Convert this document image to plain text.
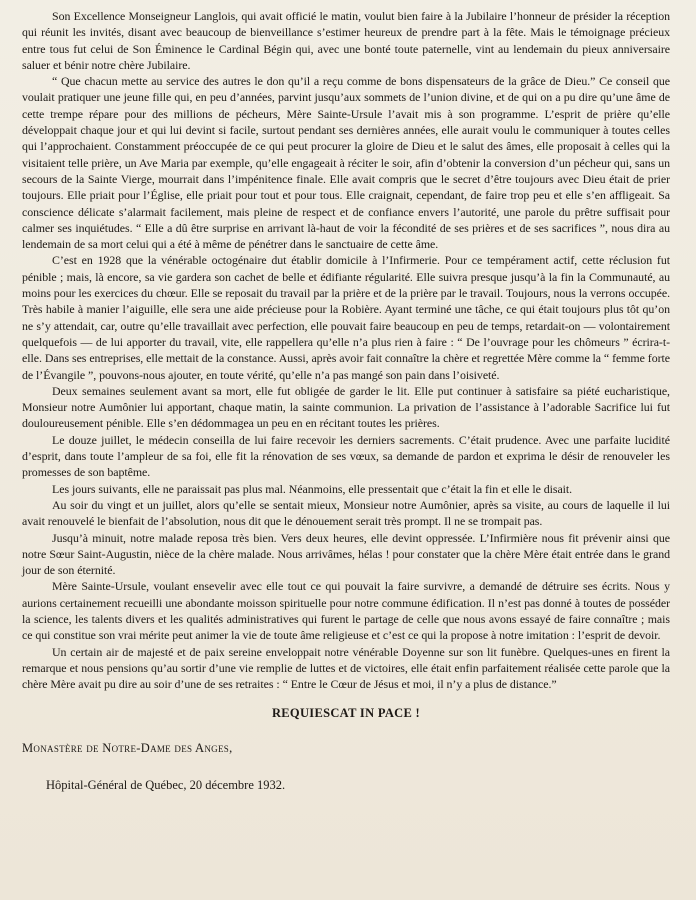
Son Excellence Monseigneur Langlois, qui avait officié le matin, voulut bien faire à la Jubilaire l’honneur de présider la réception qui réunit les invités, disant avec beaucoup de bienveillance s’estimer heureux de prendre part à la fête. Mais le témoignage précieux entre tous fut celui de Son Éminence le Cardinal Bégin qui, avec une bonté toute paternelle, vint au lendemain du pieux anniversaire saluer et bénir notre chère Jubilaire.

“ Que chacun mette au service des autres le don qu’il a reçu comme de bons dispensateurs de la grâce de Dieu.” Ce conseil que voulait pratiquer une jeune fille qui, en peu d’années, parvint jusqu’aux sommets de l’union divine, et de qui on a pu dire qu’une âme de cette trempe répare pour des millions de pécheurs, Mère Sainte-Ursule l’avait mis à son programme. L’esprit de prière qu’elle développait chaque jour et qui lui devint si facile, surtout pendant ses dernières années, elle aurait voulu le communiquer à toutes celles qui l’approchaient. Constamment préoccupée de ce qui peut procurer la gloire de Dieu et le salut des âmes, elle proposait à celles qui la visitaient telle prière, un Ave Maria par exemple, qu’elle engageait à réciter le soir, afin d’obtenir la conversion d’un pécheur qui, sans un secours de la Sainte Vierge, mourrait dans l’impénitence finale. Elle avait compris que le secret d’être toujours avec Dieu était de prier toujours. Elle priait pour l’Église, elle priait pour tout et pour tous. Elle craignait, cependant, de faire trop peu et elle s’en affligeait. Sa conscience délicate s’alarmait facilement, mais pleine de respect et de confiance envers l’autorité, une parole du prêtre suffisait pour calmer ses inquiétudes. “ Elle a dû être surprise en arrivant là-haut de voir la fécondité de ses prières et de ses sacrifices ”, nous dira au lendemain de sa mort celui qui a été à même de pénétrer dans le sanctuaire de cette âme.

C’est en 1928 que la vénérable octogénaire dut établir domicile à l’Infirmerie. Pour ce tempérament actif, cette réclusion fut pénible ; mais, là encore, sa vie gardera son cachet de belle et édifiante régularité. Elle suivra presque jusqu’à la fin la Communauté, au moins pour les exercices du chœur. Elle se reposait du travail par la prière et de la prière par le travail. Toujours, nous la verrons occupée. Très habile à manier l’aiguille, elle sera une aide précieuse pour la Robière. Ayant terminé une tâche, ce qui était toujours plus tôt qu’on ne s’y attendait, car, outre qu’elle travaillait avec perfection, elle pouvait faire beaucoup en peu de temps, retardait-on — volontairement quelquefois — de lui apporter du travail, vite, elle rappellera qu’elle n’a plus rien à faire : “ De l’ouvrage pour les chômeurs ” écrira-t-elle. Dans ses entreprises, elle mettait de la constance. Aussi, après avoir fait connaître la chère et regrettée Mère comme la “ femme forte de l’Évangile ”, pouvons-nous ajouter, en toute vérité, qu’elle n’a pas mangé son pain dans l’oisiveté.

Deux semaines seulement avant sa mort, elle fut obligée de garder le lit. Elle put continuer à satisfaire sa piété eucharistique, Monsieur notre Aumônier lui apportant, chaque matin, la sainte communion. La privation de l’assistance à l’adorable Sacrifice lui fut douloureusement pénible. Elle s’en dédommagea un peu en en récitant toutes les prières.

Le douze juillet, le médecin conseilla de lui faire recevoir les derniers sacrements. C’était prudence. Avec une parfaite lucidité d’esprit, dans toute l’ampleur de sa foi, elle fit la rénovation de ses vœux, sa demande de pardon et exprima le désir de renouveler les promesses de son baptême.

Les jours suivants, elle ne paraissait pas plus mal. Néanmoins, elle pressentait que c’était la fin et elle le disait.

Au soir du vingt et un juillet, alors qu’elle se sentait mieux, Monsieur notre Aumônier, après sa visite, au cours de laquelle il lui avait renouvelé le bienfait de l’absolution, nous dit que le dénouement serait très prompt. Il ne se trompait pas.

Jusqu’à minuit, notre malade reposa très bien. Vers deux heures, elle devint oppressée. L’Infirmière nous fit prévenir ainsi que notre Sœur Saint-Augustin, nièce de la chère malade. Nous arrivâmes, hélas ! pour constater que la chère Mère était entrée dans le grand jour de son éternité.

Mère Sainte-Ursule, voulant ensevelir avec elle tout ce qui pouvait la faire survivre, a demandé de détruire ses écrits. Nous y aurions certainement recueilli une abondante moisson spirituelle pour notre commune édification. Il n’est pas donné à toutes de posséder la science, les talents divers et les qualités administratives qui furent le partage de celle que nous avons essayé de faire connaître ; mais ce qui constitue son vrai mérite peut animer la vie de toute âme religieuse et c’est ce qui la propose à notre imitation : l’esprit de devoir.

Un certain air de majesté et de paix sereine enveloppait notre vénérable Doyenne sur son lit funèbre. Quelques-unes en firent la remarque et nous pensions qu’au sortir d’une vie remplie de luttes et de victoires, elle était enfin parfaitement réalisée cette parole que la chère Mère avait pu dire au soir d’une de ses retraites : “ Entre le Cœur de Jésus et moi, il n’y a plus de distance.”

REQUIESCAT IN PACE !
Monastère de Notre-Dame des Anges,
Hôpital-Général de Québec, 20 décembre 1932.
